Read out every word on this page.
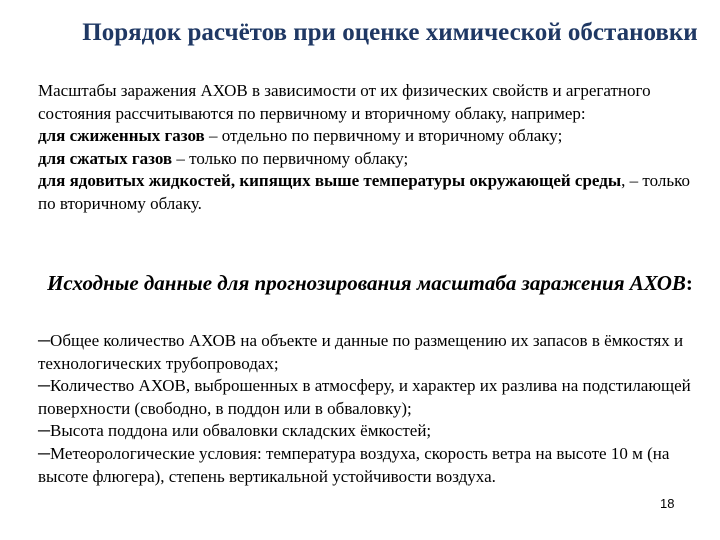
Порядок расчётов при оценке химической обстановки

Масштабы заражения АХОВ в зависимости от их физических свойств и агрегатного состояния рассчитываются по первичному и вторичному облаку, например:

для сжиженных газов – отдельно по первичному и вторичному облаку;

для сжатых газов – только по первичному облаку;

для ядовитых жидкостей, кипящих выше температуры окружающей среды, – только по вторичному облаку.

Исходные данные для прогнозирования масштаба заражения АХОВ:

─Общее количество АХОВ на объекте и данные по размещению их запасов в ёмкостях и технологических трубопроводах;

─Количество АХОВ, выброшенных в атмосферу, и характер их разлива на подстилающей поверхности (свободно, в поддон или в обваловку);

─Высота поддона или обваловки складских ёмкостей;

─Метеорологические условия: температура воздуха, скорость ветра на высоте 10 м (на высоте флюгера), степень вертикальной устойчивости воздуха.

18
